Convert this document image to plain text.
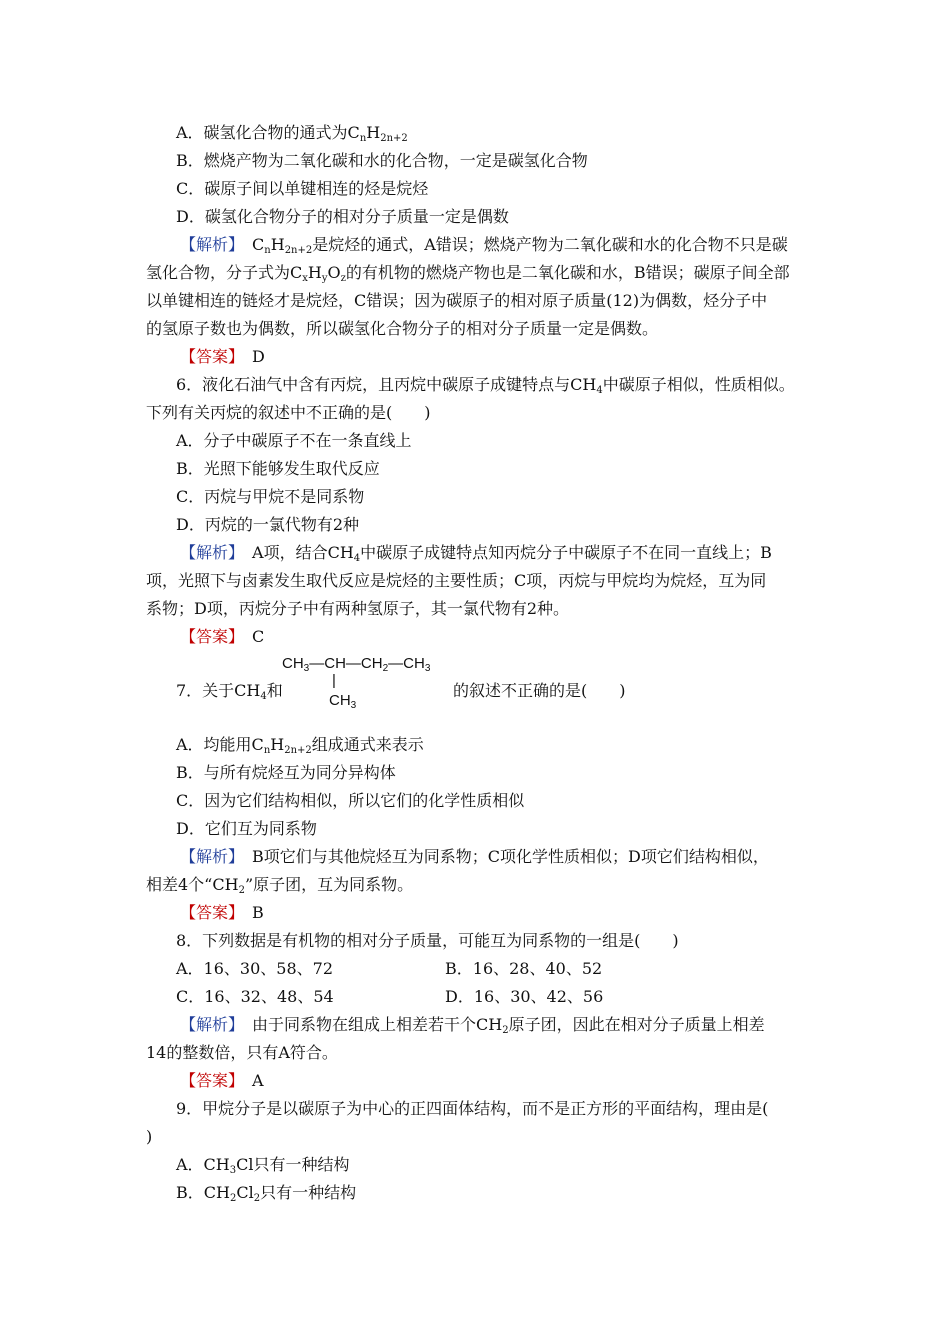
A．碳氢化合物的通式为$C_nH_{2n+2}$
B．燃烧产物为二氧化碳和水的化合物，一定是碳氢化合物
C．碳原子间以单键相连的烃是烷烃
D．碳氢化合物分子的相对分子质量一定是偶数
【解析】　 $C_nH_{2n+2}$是烷烃的通式，A错误；燃烧产物为二氧化碳和水的化合物不只是碳
氢化合物，分子式为$C_xH_yO_z$的有机物的燃烧产物也是二氧化碳和水，B错误；碳原子间全部
以单键相连的链烃才是烷烃，C错误；因为碳原子的相对原子质量(12)为偶数，烃分子中
的氢原子数也为偶数，所以碳氢化合物分子的相对分子质量一定是偶数。
【答案】　 D
6．液化石油气中含有丙烷，且丙烷中碳原子成键特点与$CH_4$中碳原子相似，性质相似。
下列有关丙烷的叙述中不正确的是(　　)
A．分子中碳原子不在一条直线上
B．光照下能够发生取代反应
C．丙烷与甲烷不是同系物
D．丙烷的一氯代物有2种
【解析】　 A项，结合$CH_4$中碳原子成键特点知丙烷分子中碳原子不在同一直线上；B
项，光照下与卤素发生取代反应是烷烃的主要性质；C项，丙烷与甲烷均为烷烃，互为同
系物；D项，丙烷分子中有两种氢原子，其一氯代物有2种。
【答案】　 C
7．关于$CH_4$和
$CH_3—CH—CH_2—CH_3$
|
$CH_3$
的叙述不正确的是(　　)
A．均能用$C_nH_{2n+2}$组成通式来表示
B．与所有烷烃互为同分异构体
C．因为它们结构相似，所以它们的化学性质相似
D．它们互为同系物
【解析】　 B项它们与其他烷烃互为同系物；C项化学性质相似；D项它们结构相似，
相差4个“$CH_2$”原子团，互为同系物。
【答案】　 B
8．下列数据是有机物的相对分子质量，可能互为同系物的一组是(　　)
A．16、30、58、72	B．16、28、40、52
C．16、32、48、54	D．16、30、42、56
【解析】　 由于同系物在组成上相差若干个$CH_2$原子团，因此在相对分子质量上相差
14的整数倍，只有A符合。
【答案】　 A
9．甲烷分子是以碳原子为中心的正四面体结构，而不是正方形的平面结构，理由是(
)
A．$CH_3Cl$只有一种结构
B．$CH_2Cl_2$只有一种结构
